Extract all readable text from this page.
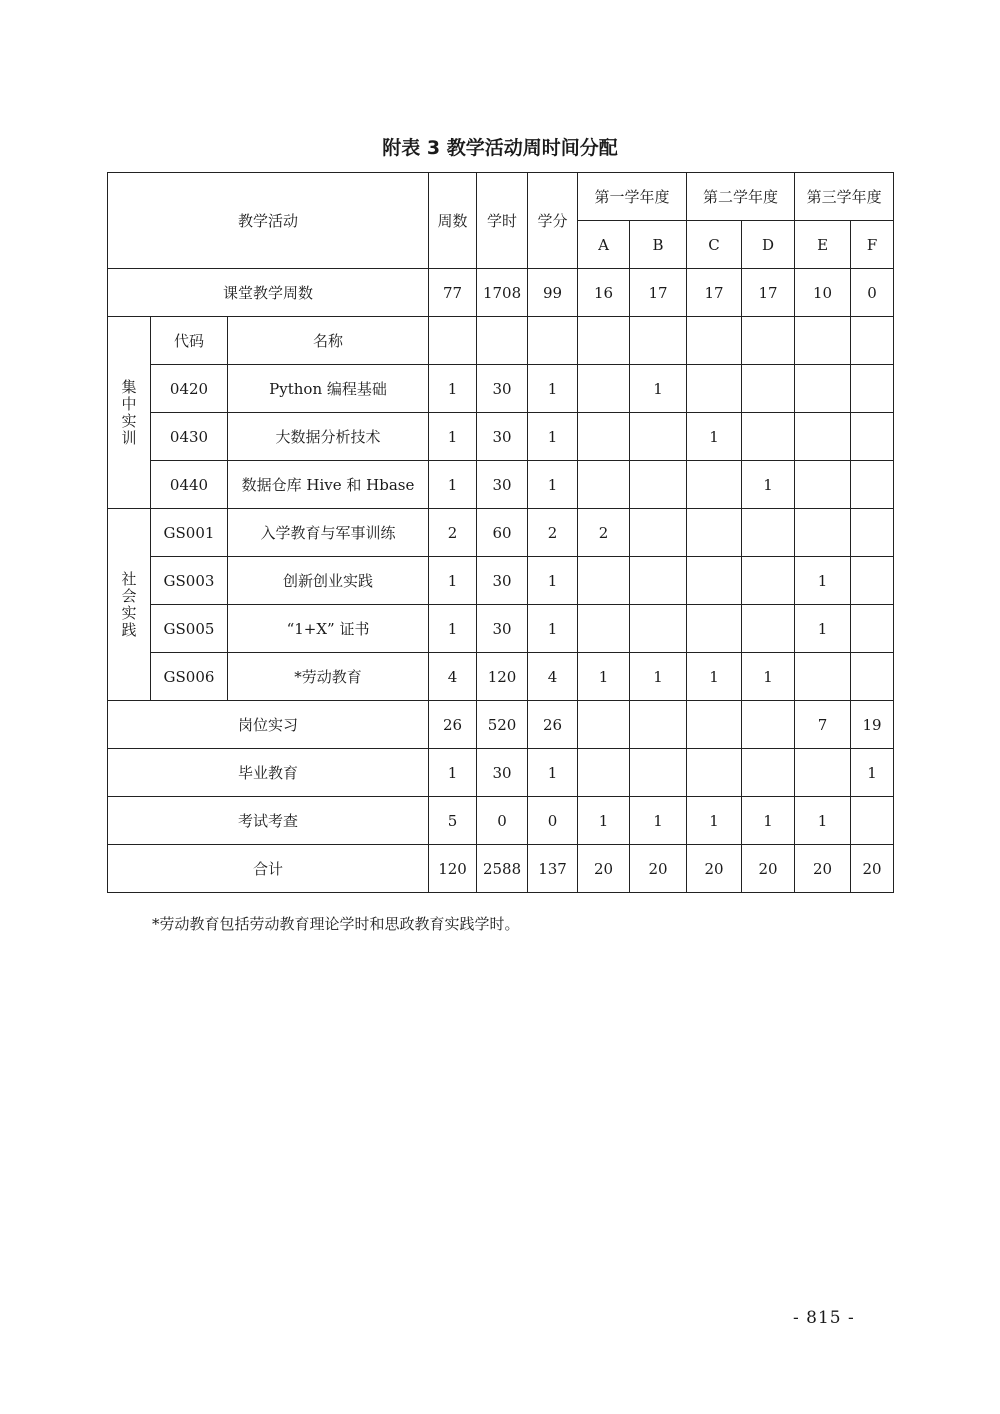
附表 3 教学活动周时间分配
教学活动			周数	学时	学分	第一学年度		第二学年度		第三学年度	
						A	B	C	D	E	F
课堂教学周数			77	1708	99	16	17	17	17	10	0
集中实训	代码	名称									
	0420	Python 编程基础	1	30	1		1				
	0430	大数据分析技术	1	30	1			1			
	0440	数据仓库 Hive 和 Hbase	1	30	1				1		
社会实践	GS001	入学教育与军事训练	2	60	2	2					
	GS003	创新创业实践	1	30	1					1	
	GS005	“1+X” 证书	1	30	1					1	
	GS006	*劳动教育	4	120	4	1	1	1	1		
岗位实习			26	520	26					7	19
毕业教育			1	30	1						1
考试考查			5	0	0	1	1	1	1	1	
合计			120	2588	137	20	20	20	20	20	20
*劳动教育包括劳动教育理论学时和思政教育实践学时。
- 815 -
